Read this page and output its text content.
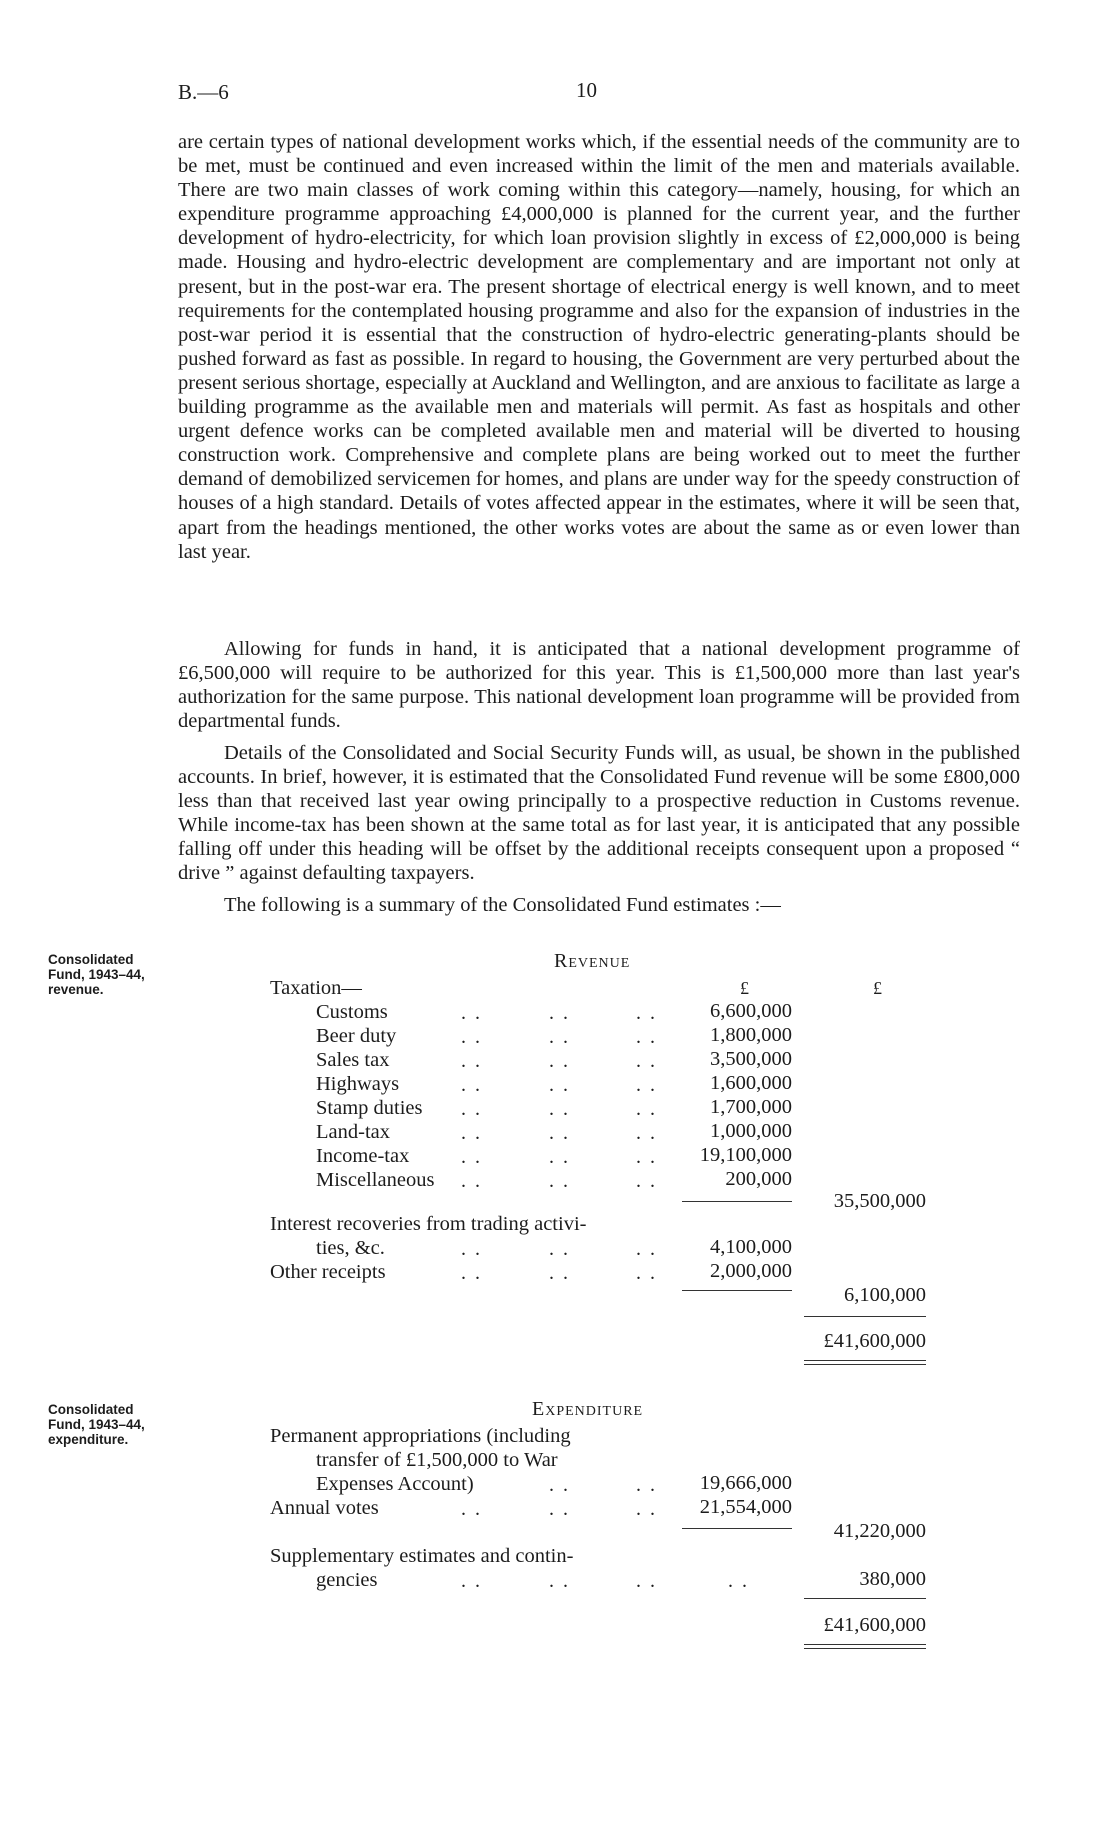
B.—6	10

are certain types of national development works which, if the essential needs of the community are to be met, must be continued and even increased within the limit of the men and materials available. There are two main classes of work coming within this category—namely, housing, for which an expenditure programme approaching £4,000,000 is planned for the current year, and the further development of hydro-electricity, for which loan provision slightly in excess of £2,000,000 is being made. Housing and hydro-electric development are complementary and are important not only at present, but in the post-war era. The present shortage of electrical energy is well known, and to meet requirements for the contemplated housing programme and also for the expansion of industries in the post-war period it is essential that the construction of hydro-electric generating-plants should be pushed forward as fast as possible. In regard to housing, the Government are very perturbed about the present serious shortage, especially at Auckland and Wellington, and are anxious to facilitate as large a building programme as the available men and materials will permit. As fast as hospitals and other urgent defence works can be completed available men and material will be diverted to housing construction work. Comprehensive and complete plans are being worked out to meet the further demand of demobilized servicemen for homes, and plans are under way for the speedy construction of houses of a high standard. Details of votes affected appear in the estimates, where it will be seen that, apart from the headings mentioned, the other works votes are about the same as or even lower than last year.

Allowing for funds in hand, it is anticipated that a national development programme of £6,500,000 will require to be authorized for this year. This is £1,500,000 more than last year's authorization for the same purpose. This national development loan programme will be provided from departmental funds.

Details of the Consolidated and Social Security Funds will, as usual, be shown in the published accounts. In brief, however, it is estimated that the Consolidated Fund revenue will be some £800,000 less than that received last year owing principally to a prospective reduction in Customs revenue. While income-tax has been shown at the same total as for last year, it is anticipated that any possible falling off under this heading will be offset by the additional receipts consequent upon a proposed “ drive ” against defaulting taxpayers.

The following is a summary of the Consolidated Fund estimates :—

Consolidated Fund, 1943–44, revenue.
Revenue
Taxation—	£	£
Customs	. .	. .	. .	6,600,000
Beer duty	. .	. .	. .	1,800,000
Sales tax	. .	. .	. .	3,500,000
Highways	. .	. .	. .	1,600,000
Stamp duties . .	. .	. .	1,700,000
Land-tax	. .	. .	. .	1,000,000
Income-tax	. .	. .	. .	19,100,000
Miscellaneous . .	. .	. .	200,000
35,500,000
Interest recoveries from trading activi-
ties, &c.	. .	. .	. .	4,100,000
Other receipts	. .	. .	. .	2,000,000
6,100,000
£41,600,000
Consolidated Fund, 1943–44, expenditure.
Expenditure
Permanent appropriations (including
transfer of £1,500,000 to War
Expenses Account)	. .	. .	19,666,000
Annual votes	. .	. .	. .	21,554,000
41,220,000
Supplementary estimates and contin-
gencies	. .	. .	. .	. .	380,000
£41,600,000
